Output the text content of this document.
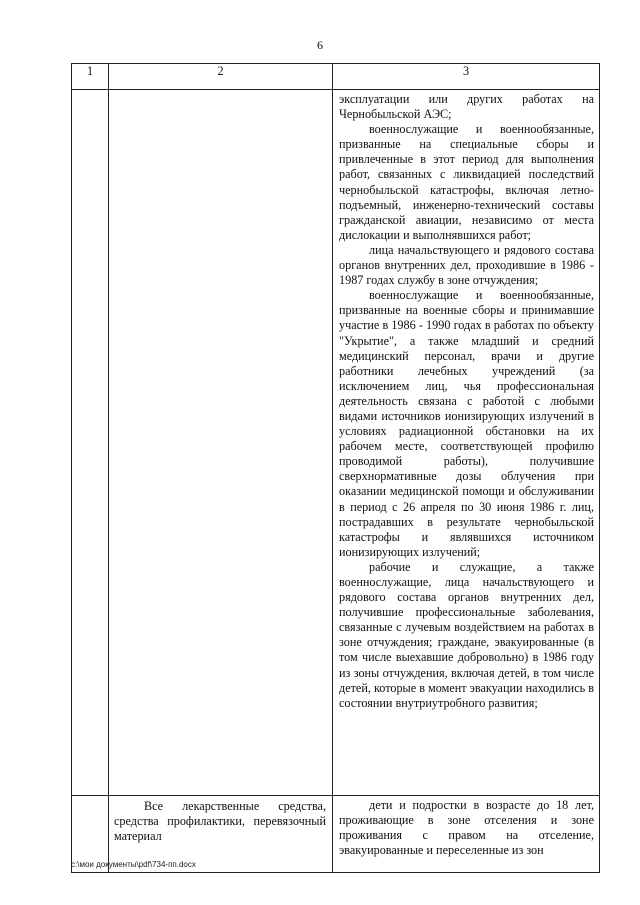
6
1	2	3

		эксплуатации или других работах на Чернобыльской АЭС;

военнослужащие и военнообязанные, призванные на специальные сборы и привлеченные в этот период для выполнения работ, связанных с ликвидацией последствий чернобыльской катастрофы, включая летно-подъемный, инженерно-технический составы гражданской авиации, независимо от места дислокации и выполнявшихся работ;

лица начальствующего и рядового состава органов внутренних дел, проходившие в 1986 - 1987 годах службу в зоне отчуждения;

военнослужащие и военнообязанные, призванные на военные сборы и принимавшие участие в 1986 - 1990 годах в работах по объекту "Укрытие", а также младший и средний медицинский персонал, врачи и другие работники лечебных учреждений (за исключением лиц, чья профессиональная деятельность связана с работой с любыми видами источников ионизирующих излучений в условиях радиационной обстановки на их рабочем месте, соответствующей профилю проводимой работы), получившие сверхнормативные дозы облучения при оказании медицинской помощи и обслуживании в период с 26 апреля по 30 июня 1986 г. лиц, пострадавших в результате чернобыльской катастрофы и являвшихся источником ионизирующих излучений;

рабочие и служащие, а также военнослужащие, лица начальствующего и рядового состава органов внутренних дел, получившие профессиональные заболевания, связанные с лучевым воздействием на работах в зоне отчуждения; граждане, эвакуированные (в том числе выехавшие добровольно) в 1986 году из зоны отчуждения, включая детей, в том числе детей, которые в момент эвакуации находились в состоянии внутриутробного развития;

	Все лекарственные средства, средства профилактики, перевязочный материал	дети и подростки в возрасте до 18 лет, проживающие в зоне отселения и зоне проживания с правом на отселение, эвакуированные и переселенные из зон

c:\мои документы\pdf\734-пп.docx
